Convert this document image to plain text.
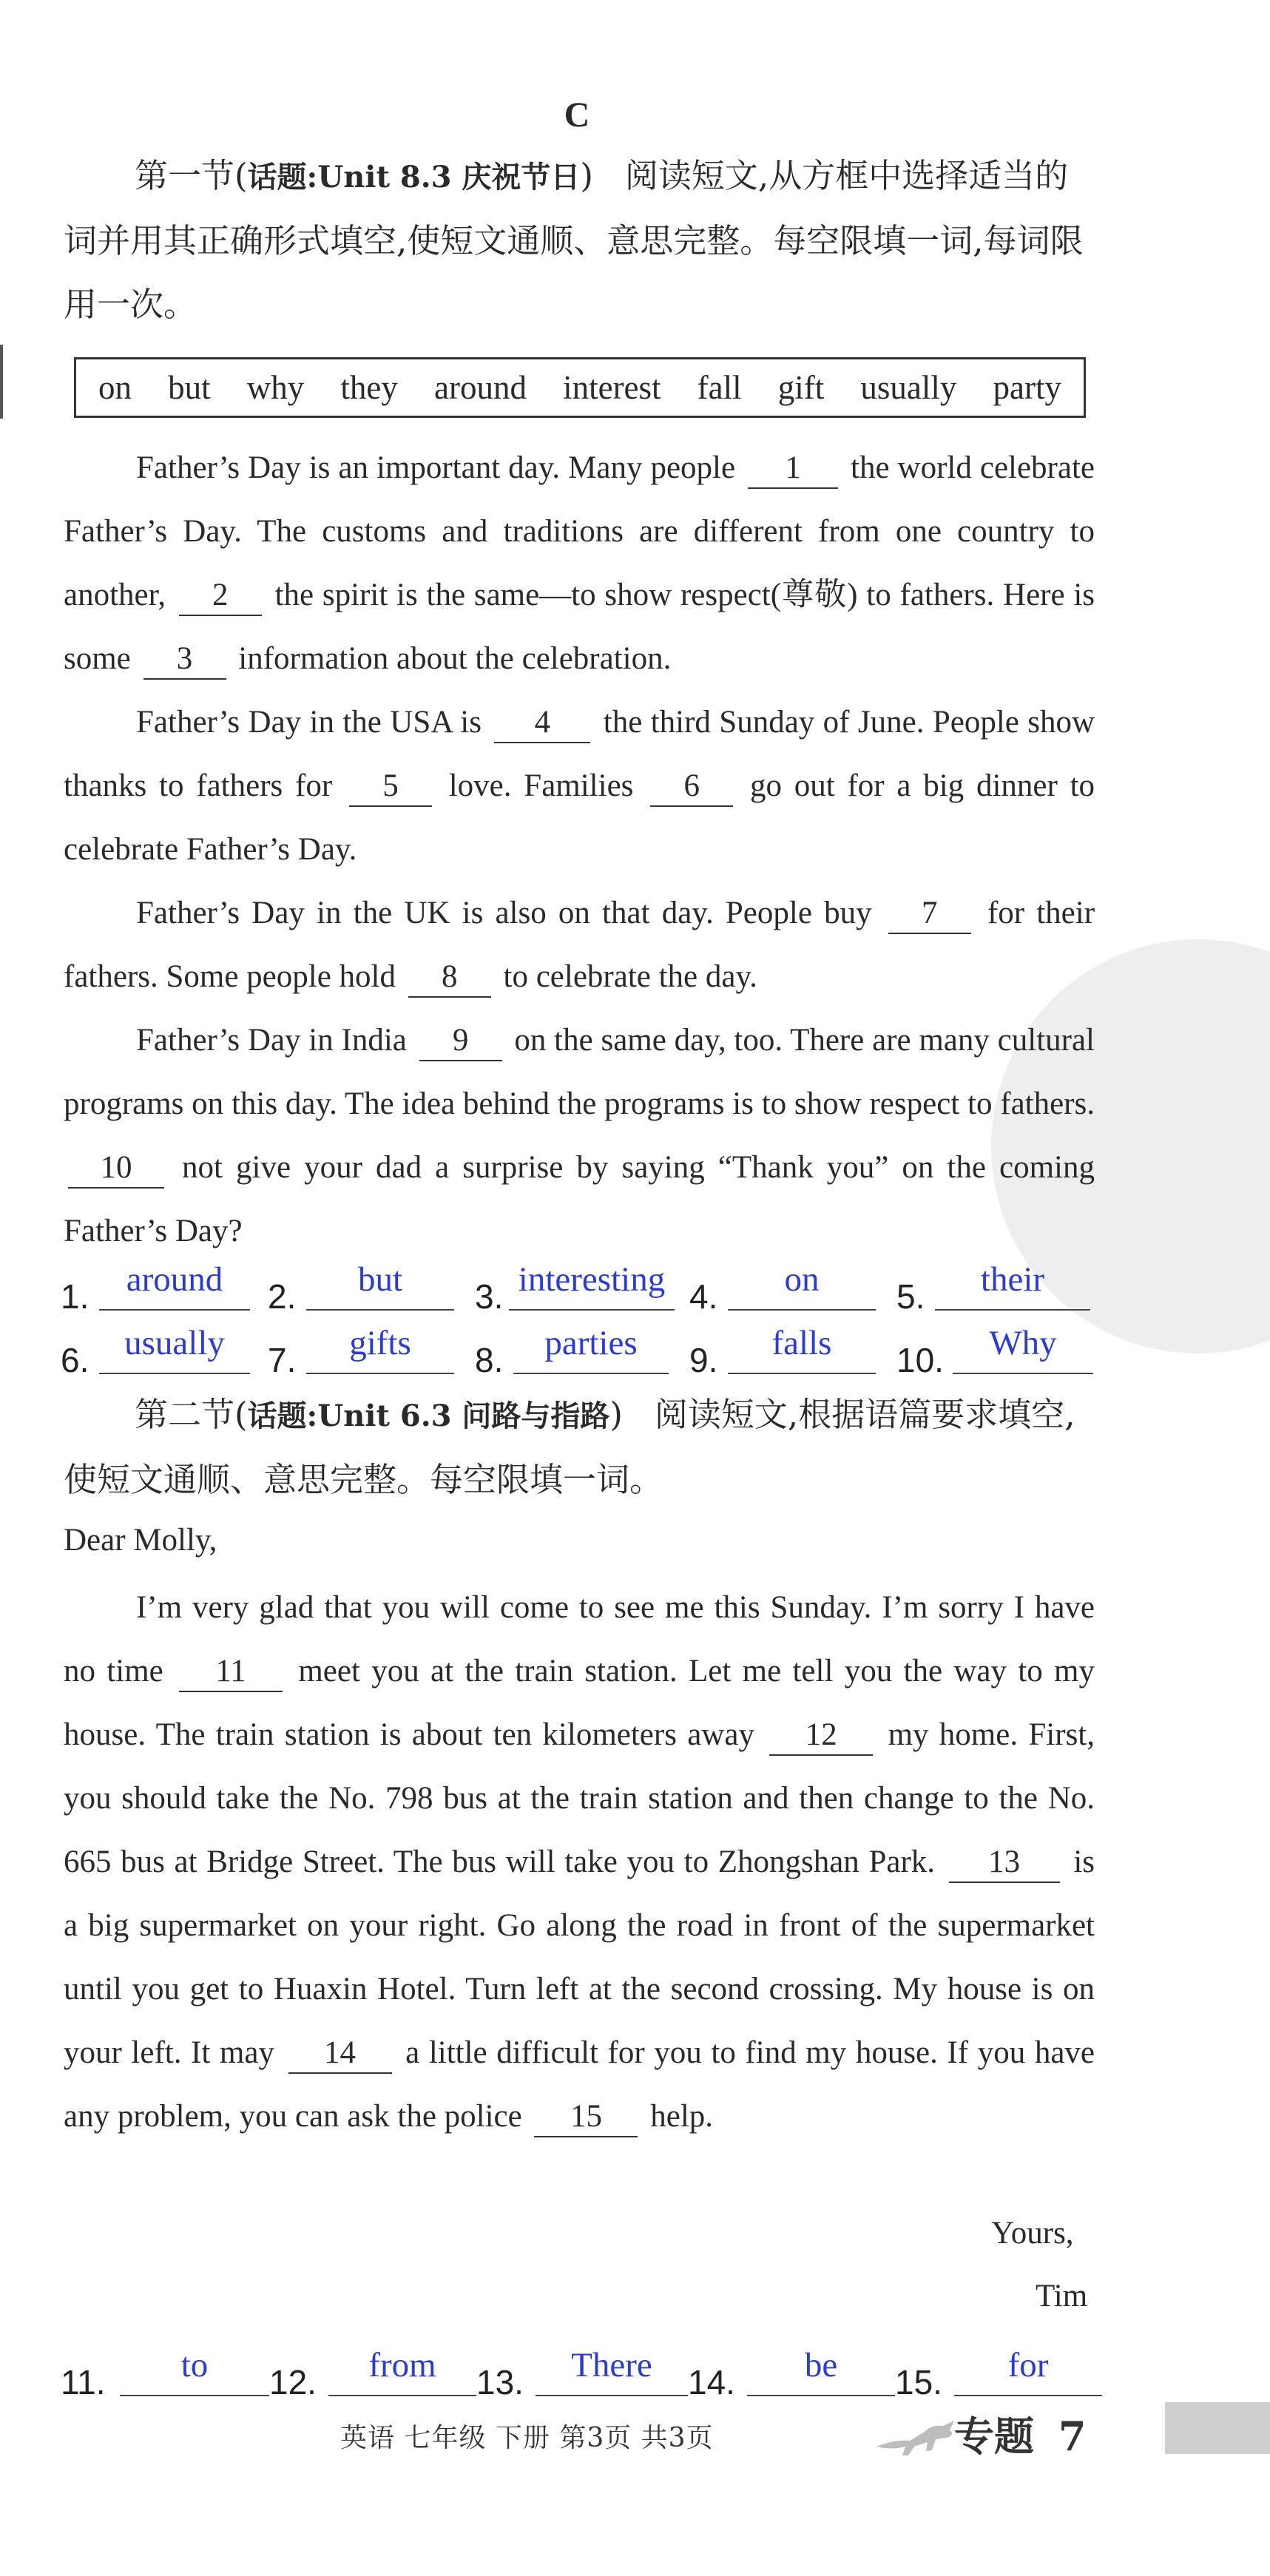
C
第一节(话题:Unit 8.3 庆祝节日) 阅读短文,从方框中选择适当的词并用其正确形式填空,使短文通顺、意思完整。每空限填一词,每词限用一次。
on but why they around interest fall gift usually party

Father’s Day is an important day. Many people 1 the world celebrate Father’s Day. The customs and traditions are different from one country to another, 2 the spirit is the same—to show respect(尊敬) to fathers. Here is some 3 information about the celebration.

Father’s Day in the USA is 4 the third Sunday of June. People show thanks to fathers for 5 love. Families 6 go out for a big dinner to celebrate Father’s Day.

Father’s Day in the UK is also on that day. People buy 7 for their fathers. Some people hold 8 to celebrate the day.

Father’s Day in India 9 on the same day, too. There are many cultural programs on this day. The idea behind the programs is to show respect to fathers. 10 not give your dad a surprise by saying “Thank you” on the coming Father’s Day?

1.	around	2.	but	3. interesting 4.	on	5.	their
6.	usually	7.	gifts	8.	parties	9.	falls	10.	Why
第二节(话题:Unit 6.3 问路与指路) 阅读短文,根据语篇要求填空,使短文通顺、意思完整。每空限填一词。
Dear Molly,

I’m very glad that you will come to see me this Sunday. I’m sorry I have no time 11 meet you at the train station. Let me tell you the way to my house. The train station is about ten kilometers away 12 my home. First, you should take the No. 798 bus at the train station and then change to the No. 665 bus at Bridge Street. The bus will take you to Zhongshan Park. 13 is a big supermarket on your right. Go along the road in front of the supermarket until you get to Huaxin Hotel. Turn left at the second crossing. My house is on your left. It may 14 a little difficult for you to find my house. If you have any problem, you can ask the police 15 help.

Yours,
Tim
11.	to	12.	from	13.	There	14.	be	15.	for
英语 七年级 下册 第3页 共3页	专题 7
